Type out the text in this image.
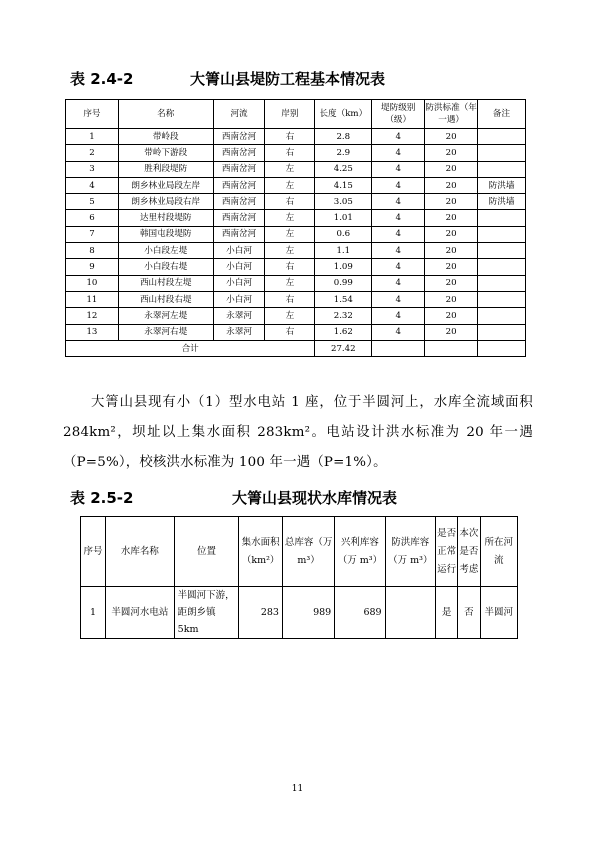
表 2.4-2	大箐山县堤防工程基本情况表
序号	名称	河流	岸别	长度（km）	堤防级别（级）	防洪标准（年一遇）	备注
1	带岭段	西南岔河	右	2.8	4	20	
2	带岭下游段	西南岔河	右	2.9	4	20	
3	胜利段堤防	西南岔河	左	4.25	4	20	
4	朗乡林业局段左岸	西南岔河	左	4.15	4	20	防洪墙
5	朗乡林业局段右岸	西南岔河	右	3.05	4	20	防洪墙
6	达里村段堤防	西南岔河	左	1.01	4	20	
7	韩国屯段堤防	西南岔河	左	0.6	4	20	
8	小白段左堤	小白河	左	1.1	4	20	
9	小白段右堤	小白河	右	1.09	4	20	
10	西山村段左堤	小白河	左	0.99	4	20	
11	西山村段右堤	小白河	右	1.54	4	20	
12	永翠河左堤	永翠河	左	2.32	4	20	
13	永翠河右堤	永翠河	右	1.62	4	20	
合计				27.42			

大箐山县现有小（1）型水电站 1 座，位于半圆河上，水库全流域面积 284km²，坝址以上集水面积 283km²。电站设计洪水标准为 20 年一遇（P=5%），校核洪水标准为 100 年一遇（P=1%）。

表 2.5-2	大箐山县现状水库情况表
序号	水库名称	位置	集水面积（km²）	总库容（万 m³）	兴利库容（万 m³）	防洪库容（万 m³）	是否正常运行	本次是否考虑	所在河流
1	半圆河水电站	半圆河下游，距朗乡镇 5km	283	989	689		是	否	半圆河
11
